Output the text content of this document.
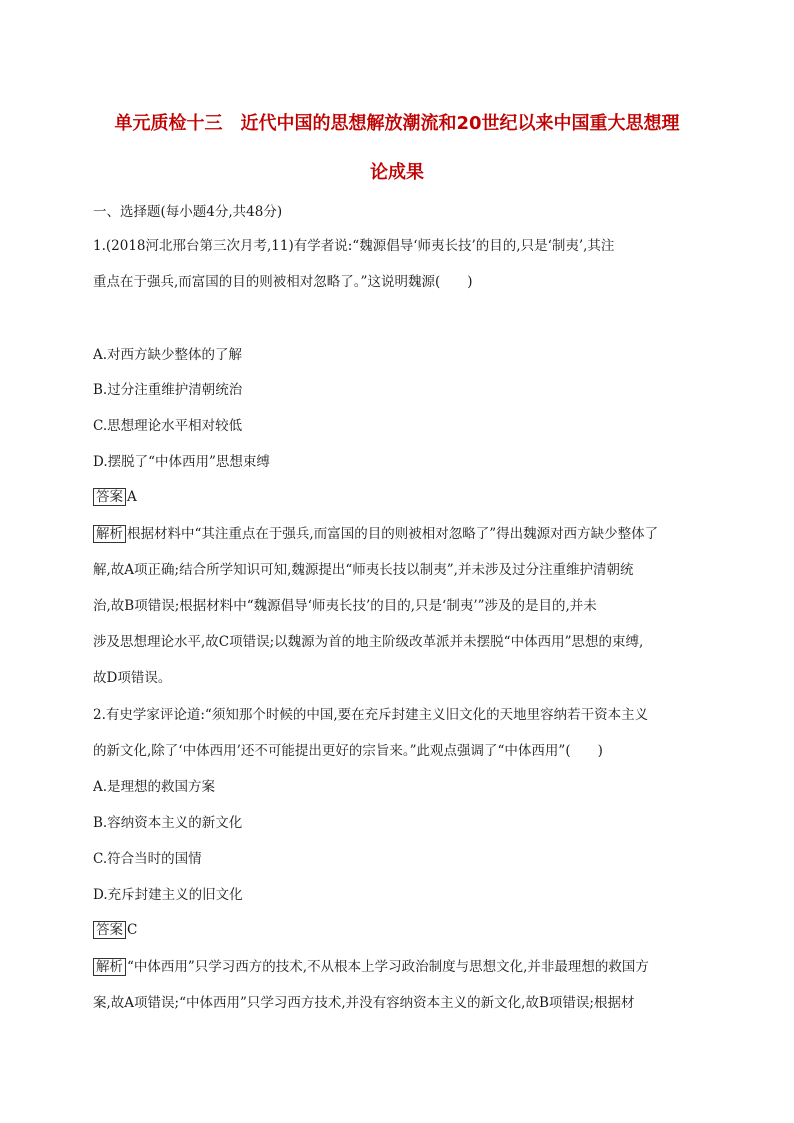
单元质检十三　近代中国的思想解放潮流和20世纪以来中国重大思想理
论成果
一、选择题(每小题4分,共48分)
1.(2018河北邢台第三次月考,11)有学者说:“魏源倡导‘师夷长技’的目的,只是‘制夷’,其注
重点在于强兵,而富国的目的则被相对忽略了。”这说明魏源(　　)
A.对西方缺少整体的了解
B.过分注重维护清朝统治
C.思想理论水平相对较低
D.摆脱了“中体西用”思想束缚
答案 A
解析 根据材料中“其注重点在于强兵,而富国的目的则被相对忽略了”得出魏源对西方缺少整体了
解,故A项正确;结合所学知识可知,魏源提出“师夷长技以制夷”,并未涉及过分注重维护清朝统
治,故B项错误;根据材料中“魏源倡导‘师夷长技’的目的,只是‘制夷’”涉及的是目的,并未
涉及思想理论水平,故C项错误;以魏源为首的地主阶级改革派并未摆脱“中体西用”思想的束缚,
故D项错误。
2.有史学家评论道:“须知那个时候的中国,要在充斥封建主义旧文化的天地里容纳若干资本主义
的新文化,除了‘中体西用’还不可能提出更好的宗旨来。”此观点强调了“中体西用”(　　)
A.是理想的救国方案
B.容纳资本主义的新文化
C.符合当时的国情
D.充斥封建主义的旧文化
答案 C
解析 “中体西用”只学习西方的技术,不从根本上学习政治制度与思想文化,并非最理想的救国方
案,故A项错误;“中体西用”只学习西方技术,并没有容纳资本主义的新文化,故B项错误;根据材
